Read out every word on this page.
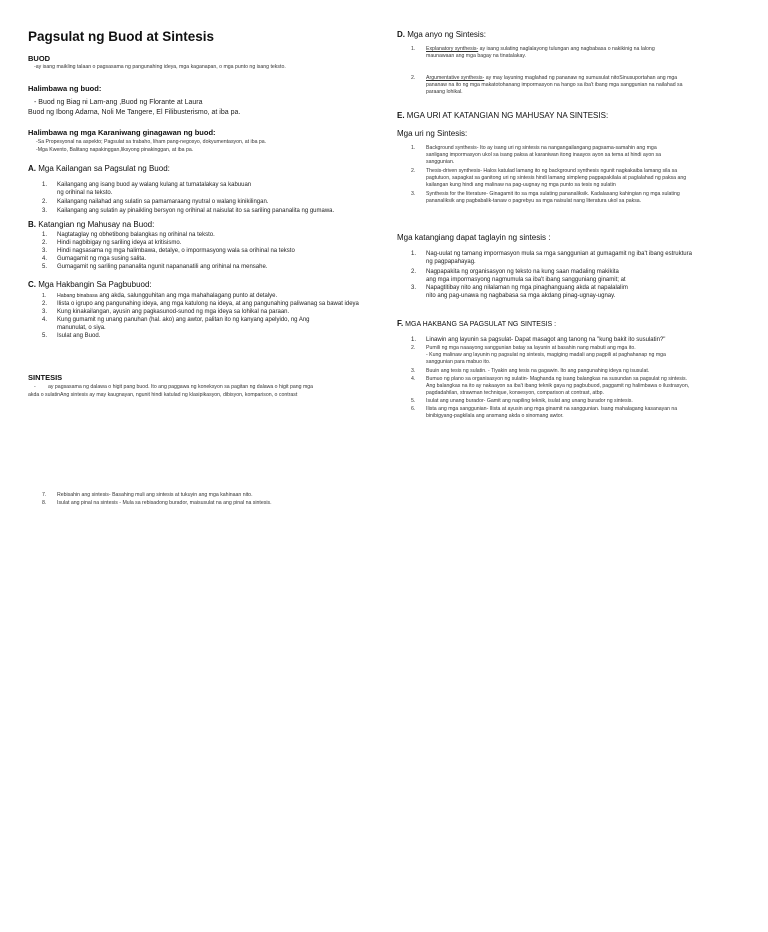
Pagsulat ng Buod at Sintesis
BUOD
-ay isang maikling talaan o pagsasama ng pangunahing ideya, mga kaganapan, o mga punto ng isang teksto.
Halimbawa ng buod:
- Buod ng Biag ni Lam-ang ,Buod ng Florante at Laura
Buod ng Ibong Adarna, Noli Me Tangere, El Filibusterismo, at iba pa.
Halimbawa ng mga Karaniwang ginagawan ng buod:
-Sa Propesyonal na aspekto; Pagsulat sa trabaho, liham pang-negosyo, dokyumentasyon, at iba pa.
-Mga Kwento, Balitang napakinggan,liksyong pinakinggan, at iba pa.
A. Mga Kailangan sa Pagsulat ng Buod:
1. Kailangang ang isang buod ay walang kulang at tumatalakay sa kabuuan
ng orihinal na teksto.
2. Kailangang nailahad ang sulatin sa pamamaraang nyutral o walang kinikilingan.
3. Kailangang ang sulatin ay pinaikling bersyon ng orihinal at naisulat ito sa sariling pananalita ng gumawa.
B. Katangian ng Mahusay na Buod:
1. Nagtataglay ng obhetibong balangkas ng orihinal na teksto.
2. Hindi nagbibigay ng sariling ideya at kritisismo.
3. Hindi nagsasama ng mga halimbawa, detalye, o impormasyong wala sa orihinal na teksto
4. Gumagamit ng mga susing salita.
5. Gumagamit ng sariling pananalita ngunit napananatili ang orihinal na mensahe.
C. Mga Hakbangin Sa Pagbubuod:
1. Habang binabasa ang akda, salungguhitan ang mga mahahalagang punto at detalye.
2. Ilista o igrupo ang pangunahing ideya, ang mga katulong na ideya, at ang pangunahing paliwanag sa bawat ideya
3. Kung kinakailangan, ayusin ang pagkasunod-sunod ng mga ideya sa lohikal na paraan.
4. Kung gumamit ng unang panuhan (hal. ako) ang awtor, palitan ito ng kanyang apelyido, ng Ang
manunulat, o siya.
5. Isulat ang Buod.
SINTESIS
- ay pagsasama ng dalawa o higit pang buod. Ito ang paggawa ng koneksyon sa pagitan ng dalawa o higit pang mga
akda o sulatinAng sintesis ay may kaugnayan, ngunit hindi katulad ng klasipikasyon, dibisyon, komparison, o contrast
7. Rebisahin ang sintesis- Basahing muli ang sintesis at tukuyin ang mga kahinaan nito.
8. Isulat ang pinal na sintesis - Mula sa rebisadong burador, maisusulat na ang pinal na sintesis.
D. Mga anyo ng Sintesis:
1. Explanatory synthesis- ay isang sulating naglalayong tulungan ang nagbabasa o nakikinig na lalong
maunawaan ang mga bagay na tinatalakay.
2. Argumentative synthesis- ay may layuning maglahad ng pananaw ng sumusulat nitoSinusuportahan ang mga
pananaw na ito ng mga makatotohanang impormasyon na hango sa iba't ibang mga sanggunian na nailahad sa
paraang lohikal.
E. MGA URI AT KATANGIAN NG MAHUSAY NA SINTESIS:
Mga uri ng Sintesis:
1. Background synthesis- Ito ay isang uri ng sintesis na nangangailangang pagsama-samahin ang mga
sanligang impormasyon ukol sa isang paksa at karaniwan itong inaayos ayon sa tema at hindi ayon sa
sanggunian.
2. Thesis-driven synthesis- Halos katulad lamang ito ng background synthesis ngunit nagkakaiba lamang sila sa
pagtutuon, sapagkat sa ganitong uri ng sintesis hindi lamang simpleng pagpapakilala at paglalahad ng paksa ang
kailangan kung hindi ang malinaw na pag-uugnay ng mga punto sa tesis ng sulatin
3. Synthesis for the literature- Ginagamit ito sa mga sulating pananaliksik. Kadalasang kahingian ng mga sulating
pananaliksik ang pagbabalik-tanaw o pagrebyu sa mga naisulat nang literatura ukol sa paksa.
Mga katangiang dapat taglayin ng sintesis :
1. Nag-uulat ng tamang impormasyon mula sa mga sanggunian at gumagamit ng iba't ibang estruktura
ng pagpapahayag.
2. Nagpapakita ng organisasyon ng teksto na kung saan madaling makikita
ang mga impormasyong nagmumula sa iba't ibang sangguniang ginamit; at
3. Napagtitibay nito ang nilalaman ng mga pinaghanguang akda at napalalalim
nito ang pag-unawa ng nagbabasa sa mga akdang pinag-ugnay-ugnay.
F. MGA HAKBANG SA PAGSULAT NG SINTESIS :
1. Linawin ang layunin sa pagsulat- Dapat masagot ang tanong na "kung bakit ito susulatin?"
2. Pumili ng mga naaayong sanggunian batay sa layunin at basahin nang mabuti ang mga ito.
- Kung malinaw ang layunin ng pagsulat ng sintesis, magiging madali ang pagpili at paghahanap ng mga
sanggunian para mabuo ito.
3. Buuin ang tesis ng sulatin. - Tiyakin ang tesis na gagawin. Ito ang pangunahing ideya ng isusulat.
4. Bumuo ng plano sa organisasyon ng sulatin- Maghanda ng isang balangkas na susundan sa pagsulat ng sintesis.
Ang balangkas na ito ay nakaayon sa iba't ibang teknik gaya ng pagbubuod, paggamit ng halimbawa o ilustrasyon,
pagdadahilan, strawman technique, konsesyon, comparison at contrast, atbp.
5. Isulat ang unang burador- Gamit ang napiling teknik, isulat ang unang burador ng sintesis.
6. Ilista ang mga sanggunian- Ilista at ayusin ang mga ginamit na sanggunian. Isang mahalagang kasanayan na
binibigyang-pagkilala ang ansmang akda o sinomang awtor.
